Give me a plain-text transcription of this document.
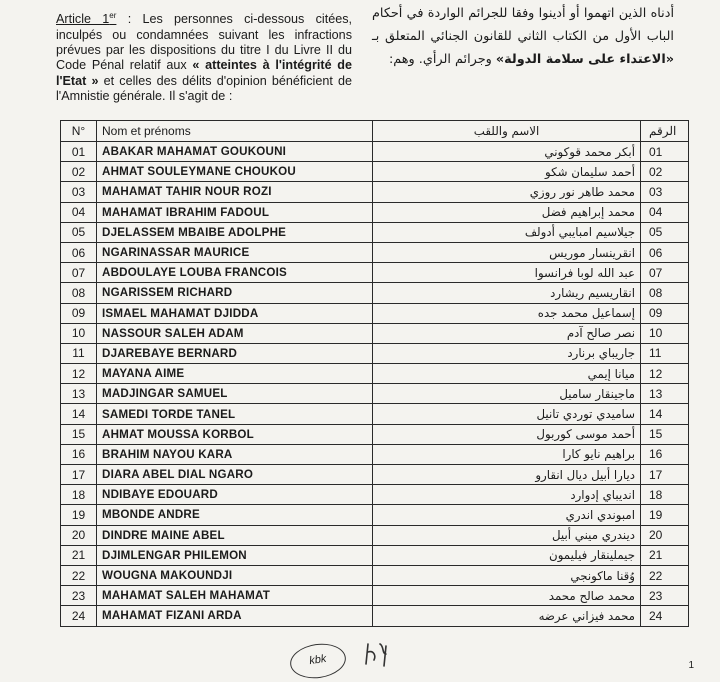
Article 1er : Les personnes ci-dessous citées, inculpés ou condamnées suivant les infractions prévues par les dispositions du titre I du Livre II du Code Pénal relatif aux « atteintes à l'intégrité de l'Etat » et celles des délits d'opinion bénéficient de l'Amnistie générale. Il s'agit de :
أدناه الذين اتهموا أو أدينوا وفقا للجرائم الواردة في أحكام الباب الأول من الكتاب الثاني للقانون الجنائي المتعلق بـ «الاعتداء على سلامة الدولة» وجرائم الرأي. وهم:
N°	Nom et prénoms	الاسم واللقب	الرقم
01	ABAKAR MAHAMAT GOUKOUNI	أبكر محمد قوكوني	01
02	AHMAT SOULEYMANE CHOUKOU	أحمد سليمان شكو	02
03	MAHAMAT TAHIR NOUR ROZI	محمد طاهر نور روزي	03
04	MAHAMAT IBRAHIM FADOUL	محمد إبراهيم فضل	04
05	DJELASSEM MBAIBE ADOLPHE	جيلاسيم امبايبي أدولف	05
06	NGARINASSAR MAURICE	انقرينسار موريس	06
07	ABDOULAYE LOUBA FRANCOIS	عبد الله لوبا فرانسوا	07
08	NGARISSEM RICHARD	انقاريسيم ريشارد	08
09	ISMAEL MAHAMAT DJIDDA	إسماعيل محمد جده	09
10	NASSOUR SALEH ADAM	نصر صالح آدم	10
11	DJAREBAYE BERNARD	جاريباي برنارد	11
12	MAYANA AIME	ميانا إيمي	12
13	MADJINGAR SAMUEL	ماجينقار ساميل	13
14	SAMEDI TORDE TANEL	ساميدي توردي تانيل	14
15	AHMAT MOUSSA KORBOL	أحمد موسى كوربول	15
16	BRAHIM NAYOU KARA	براهيم نايو كارا	16
17	DIARA ABEL DIAL NGARO	ديارا أبيل ديال انقارو	17
18	NDIBAYE EDOUARD	انديباي إدوارد	18
19	MBONDE ANDRE	امبوندي اندري	19
20	DINDRE MAINE ABEL	ديندري ميني أبيل	20
21	DJIMLENGAR PHILEMON	جيملينقار فيليمون	21
22	WOUGNA MAKOUNDJI	وُقنا ماكونجي	22
23	MAHAMAT SALEH MAHAMAT	محمد صالح محمد	23
24	MAHAMAT FIZANI ARDA	محمد فيزاني عرضه	24
kbk	1
